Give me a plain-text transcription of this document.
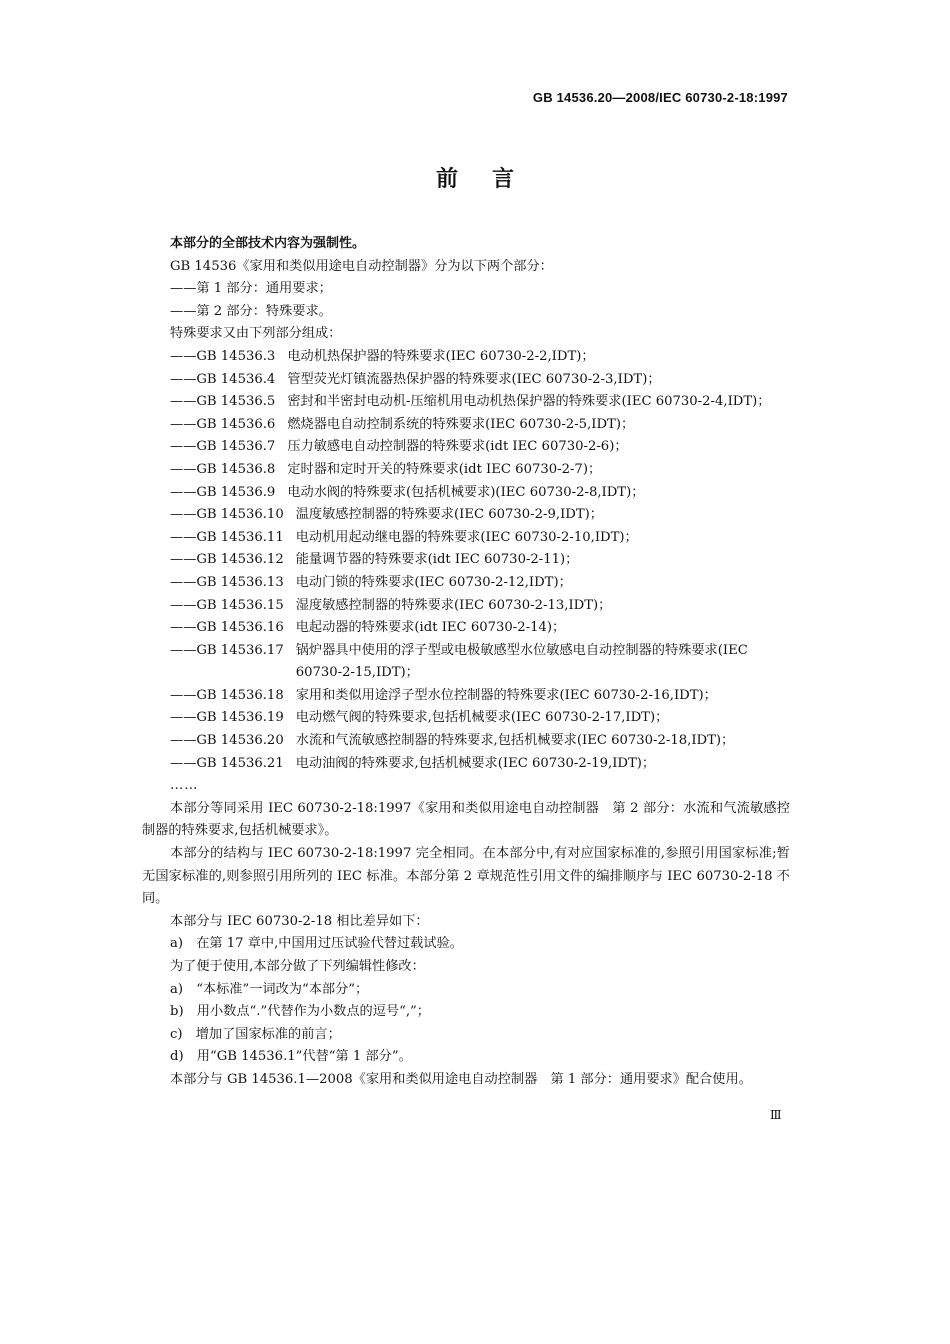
GB 14536.20—2008/IEC 60730-2-18:1997
前言

本部分的全部技术内容为强制性。

GB 14536《家用和类似用途电自动控制器》分为以下两个部分：

——第 1 部分：通用要求；

——第 2 部分：特殊要求。

特殊要求又由下列部分组成：

——GB 14536.3 电动机热保护器的特殊要求(IEC 60730-2-2,IDT)；
——GB 14536.4 管型荧光灯镇流器热保护器的特殊要求(IEC 60730-2-3,IDT)；
——GB 14536.5 密封和半密封电动机-压缩机用电动机热保护器的特殊要求(IEC 60730-2-4,IDT)；
——GB 14536.6 燃烧器电自动控制系统的特殊要求(IEC 60730-2-5,IDT)；
——GB 14536.7 压力敏感电自动控制器的特殊要求(idt IEC 60730-2-6)；
——GB 14536.8 定时器和定时开关的特殊要求(idt IEC 60730-2-7)；
——GB 14536.9 电动水阀的特殊要求(包括机械要求)(IEC 60730-2-8,IDT)；
——GB 14536.10 温度敏感控制器的特殊要求(IEC 60730-2-9,IDT)；
——GB 14536.11 电动机用起动继电器的特殊要求(IEC 60730-2-10,IDT)；
——GB 14536.12 能量调节器的特殊要求(idt IEC 60730-2-11)；
——GB 14536.13 电动门锁的特殊要求(IEC 60730-2-12,IDT)；
——GB 14536.15 湿度敏感控制器的特殊要求(IEC 60730-2-13,IDT)；
——GB 14536.16 电起动器的特殊要求(idt IEC 60730-2-14)；
——GB 14536.17 锅炉器具中使用的浮子型或电极敏感型水位敏感电自动控制器的特殊要求(IEC 60730-2-15,IDT)；
——GB 14536.18 家用和类似用途浮子型水位控制器的特殊要求(IEC 60730-2-16,IDT)；
——GB 14536.19 电动燃气阀的特殊要求,包括机械要求(IEC 60730-2-17,IDT)；
——GB 14536.20 水流和气流敏感控制器的特殊要求,包括机械要求(IEC 60730-2-18,IDT)；
——GB 14536.21 电动油阀的特殊要求,包括机械要求(IEC 60730-2-19,IDT)；
……

本部分等同采用 IEC 60730-2-18:1997《家用和类似用途电自动控制器　第 2 部分：水流和气流敏感控制器的特殊要求,包括机械要求》。

本部分的结构与 IEC 60730-2-18:1997 完全相同。在本部分中,有对应国家标准的,参照引用国家标准;暂无国家标准的,则参照引用所列的 IEC 标准。本部分第 2 章规范性引用文件的编排顺序与 IEC 60730-2-18 不同。

本部分与 IEC 60730-2-18 相比差异如下：

a)　在第 17 章中,中国用过压试验代替过载试验。

为了便于使用,本部分做了下列编辑性修改：

a)　“本标准”一词改为“本部分”；

b)　用小数点“.”代替作为小数点的逗号“,”；

c)　增加了国家标准的前言；

d)　用“GB 14536.1”代替“第 1 部分”。

本部分与 GB 14536.1—2008《家用和类似用途电自动控制器　第 1 部分：通用要求》配合使用。

Ⅲ
